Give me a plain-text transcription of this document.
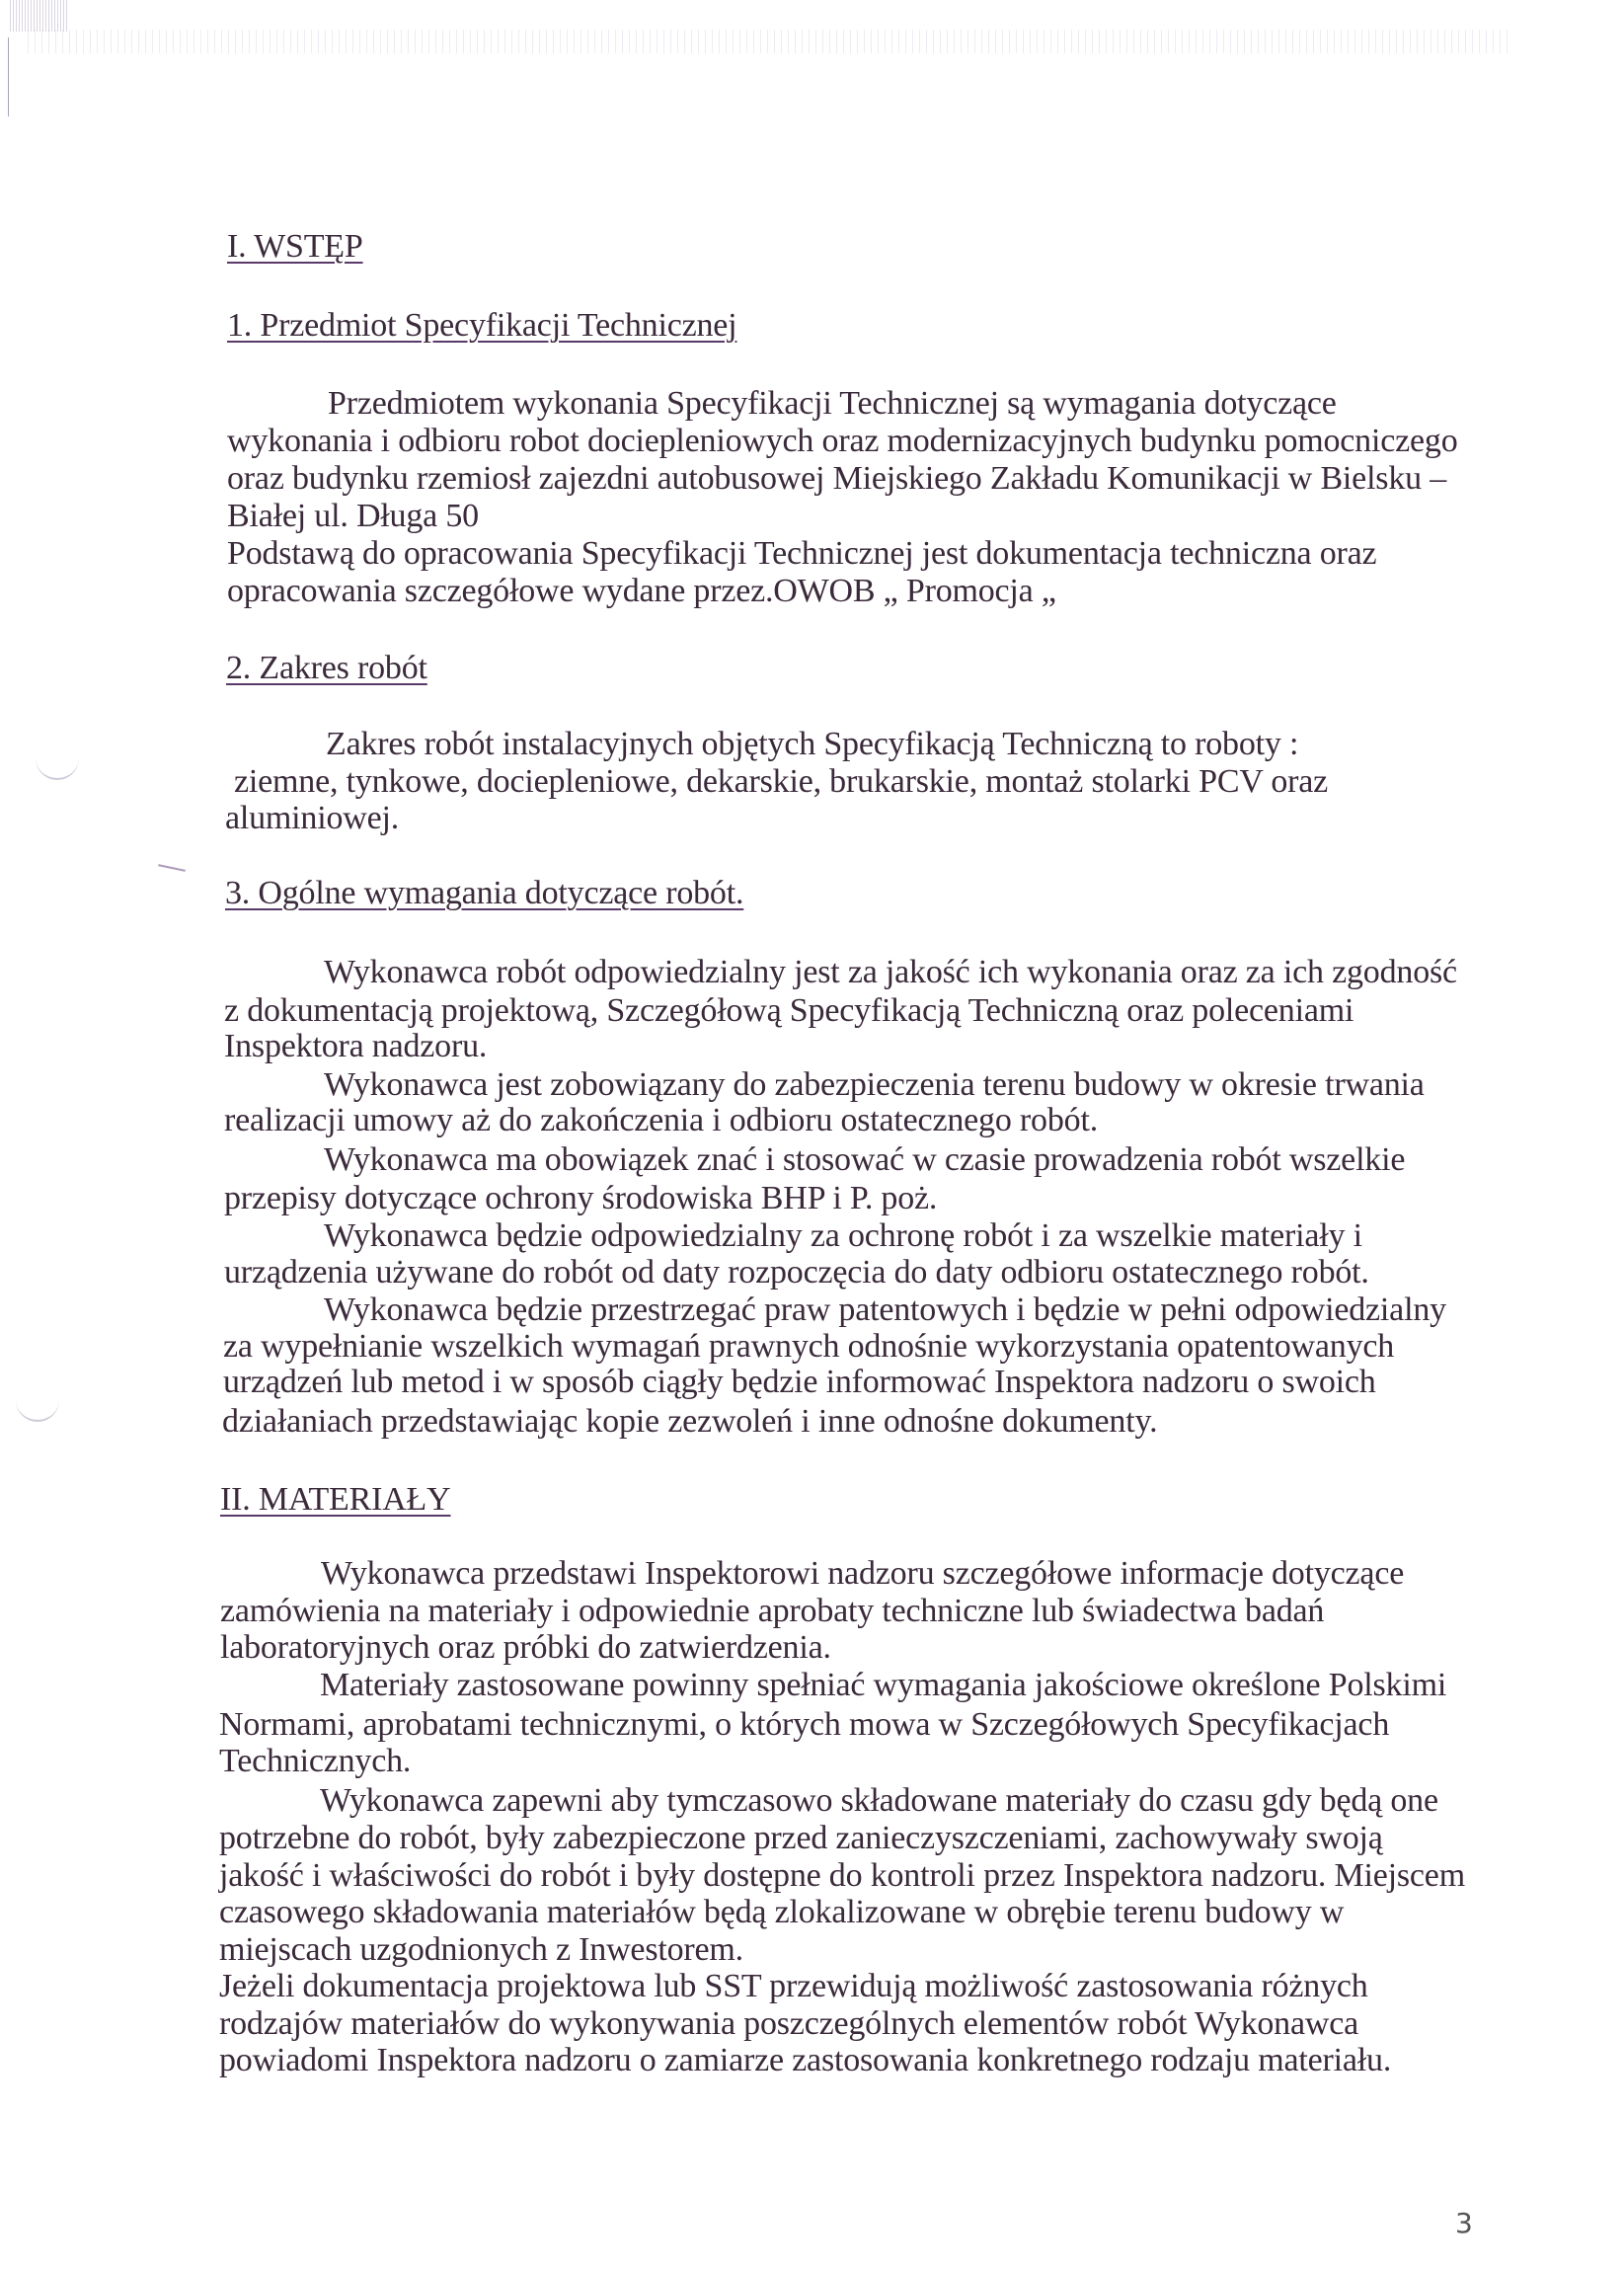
I. WSTĘP
1. Przedmiot Specyfikacji Technicznej
Przedmiotem wykonania Specyfikacji Technicznej są wymagania dotyczące
wykonania i odbioru robot dociepleniowych oraz modernizacyjnych budynku pomocniczego
oraz budynku rzemiosł zajezdni autobusowej Miejskiego Zakładu Komunikacji w Bielsku –
Białej ul. Długa 50
Podstawą do opracowania Specyfikacji Technicznej jest dokumentacja techniczna oraz
opracowania szczegółowe wydane przez.OWOB „ Promocja „
2. Zakres robót
Zakres robót instalacyjnych objętych Specyfikacją Techniczną to roboty :
ziemne, tynkowe, dociepleniowe, dekarskie, brukarskie, montaż stolarki PCV oraz
aluminiowej.
3. Ogólne wymagania dotyczące robót.
Wykonawca robót odpowiedzialny jest za jakość ich wykonania oraz za ich zgodność
z dokumentacją projektową, Szczegółową Specyfikacją Techniczną oraz poleceniami
Inspektora nadzoru.
Wykonawca jest zobowiązany do zabezpieczenia terenu budowy w okresie trwania
realizacji umowy aż do zakończenia i odbioru ostatecznego robót.
Wykonawca ma obowiązek znać i stosować w czasie prowadzenia robót wszelkie
przepisy dotyczące ochrony środowiska BHP i P. poż.
Wykonawca będzie odpowiedzialny za ochronę robót i za wszelkie materiały i
urządzenia używane do robót od daty rozpoczęcia do daty odbioru ostatecznego robót.
Wykonawca będzie przestrzegać praw patentowych i będzie w pełni odpowiedzialny
za wypełnianie wszelkich wymagań prawnych odnośnie wykorzystania opatentowanych
urządzeń lub metod i w sposób ciągły będzie informować Inspektora nadzoru o swoich
działaniach przedstawiając kopie zezwoleń i inne odnośne dokumenty.
II. MATERIAŁY
Wykonawca przedstawi Inspektorowi nadzoru szczegółowe informacje dotyczące
zamówienia na materiały i odpowiednie aprobaty techniczne lub świadectwa badań
laboratoryjnych oraz próbki do zatwierdzenia.
Materiały zastosowane powinny spełniać wymagania jakościowe określone Polskimi
Normami, aprobatami technicznymi, o których mowa w Szczegółowych Specyfikacjach
Technicznych.
Wykonawca zapewni aby tymczasowo składowane materiały do czasu gdy będą one
potrzebne do robót, były zabezpieczone przed zanieczyszczeniami, zachowywały swoją
jakość i właściwości do robót i były dostępne do kontroli przez Inspektora nadzoru. Miejscem
czasowego składowania materiałów będą zlokalizowane w obrębie terenu budowy w
miejscach uzgodnionych z Inwestorem.
Jeżeli dokumentacja projektowa lub SST przewidują możliwość zastosowania różnych
rodzajów materiałów do wykonywania poszczególnych elementów robót Wykonawca
powiadomi Inspektora nadzoru o zamiarze zastosowania konkretnego rodzaju materiału.
3
